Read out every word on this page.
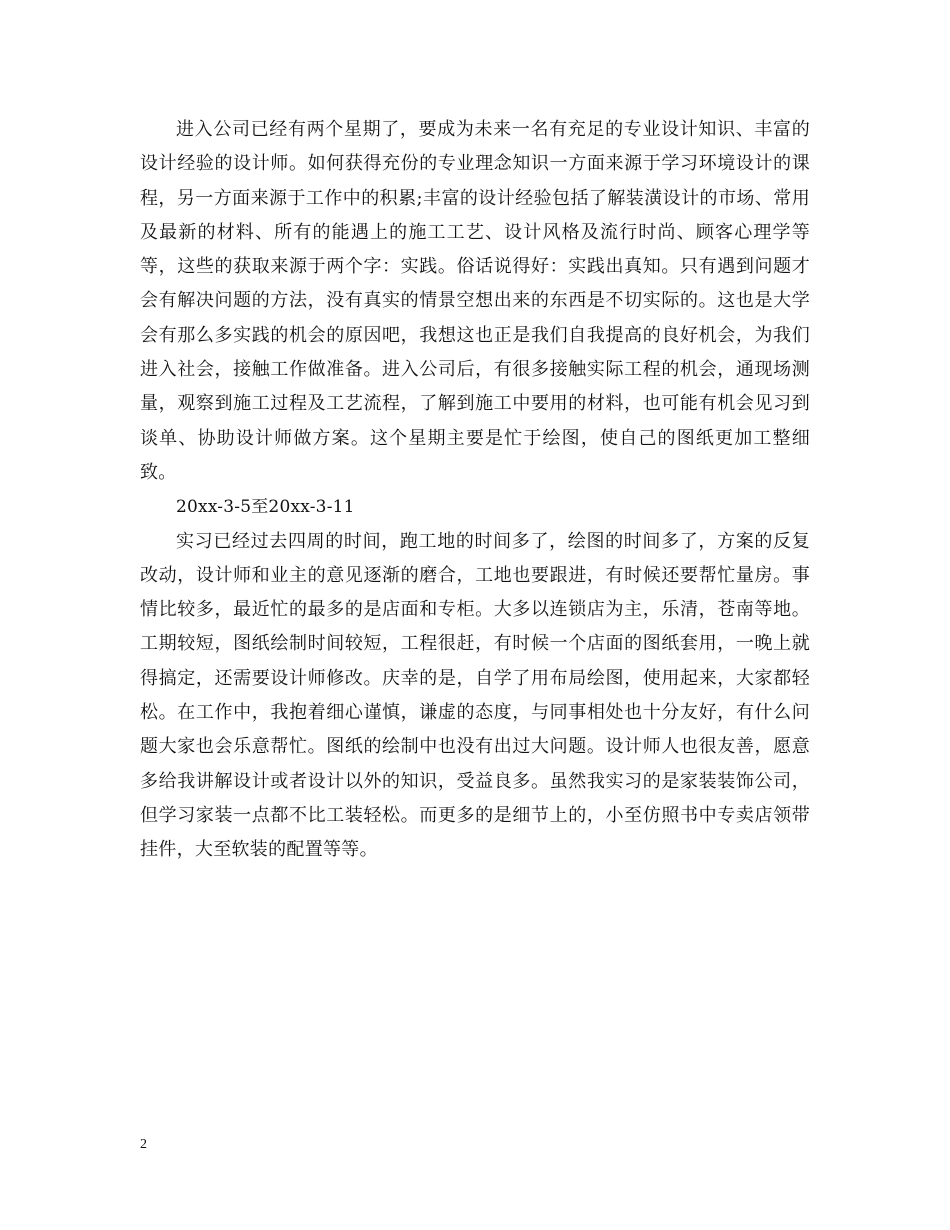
进入公司已经有两个星期了，要成为未来一名有充足的专业设计知识、丰富的设计经验的设计师。如何获得充份的专业理念知识一方面来源于学习环境设计的课程，另一方面来源于工作中的积累;丰富的设计经验包括了解装潢设计的市场、常用及最新的材料、所有的能遇上的施工工艺、设计风格及流行时尚、顾客心理学等等，这些的获取来源于两个字：实践。俗话说得好：实践出真知。只有遇到问题才会有解决问题的方法，没有真实的情景空想出来的东西是不切实际的。这也是大学会有那么多实践的机会的原因吧，我想这也正是我们自我提高的良好机会，为我们进入社会，接触工作做准备。进入公司后，有很多接触实际工程的机会，通现场测量，观察到施工过程及工艺流程，了解到施工中要用的材料，也可能有机会见习到谈单、协助设计师做方案。这个星期主要是忙于绘图，使自己的图纸更加工整细致。

20xx-3-5至20xx-3-11

实习已经过去四周的时间，跑工地的时间多了，绘图的时间多了，方案的反复改动，设计师和业主的意见逐渐的磨合，工地也要跟进，有时候还要帮忙量房。事情比较多，最近忙的最多的是店面和专柜。大多以连锁店为主，乐清，苍南等地。工期较短，图纸绘制时间较短，工程很赶，有时候一个店面的图纸套用，一晚上就得搞定，还需要设计师修改。庆幸的是，自学了用布局绘图，使用起来，大家都轻松。在工作中，我抱着细心谨慎，谦虚的态度，与同事相处也十分友好，有什么问题大家也会乐意帮忙。图纸的绘制中也没有出过大问题。设计师人也很友善，愿意多给我讲解设计或者设计以外的知识，受益良多。虽然我实习的是家装装饰公司，但学习家装一点都不比工装轻松。而更多的是细节上的，小至仿照书中专卖店领带挂件，大至软装的配置等等。

2
